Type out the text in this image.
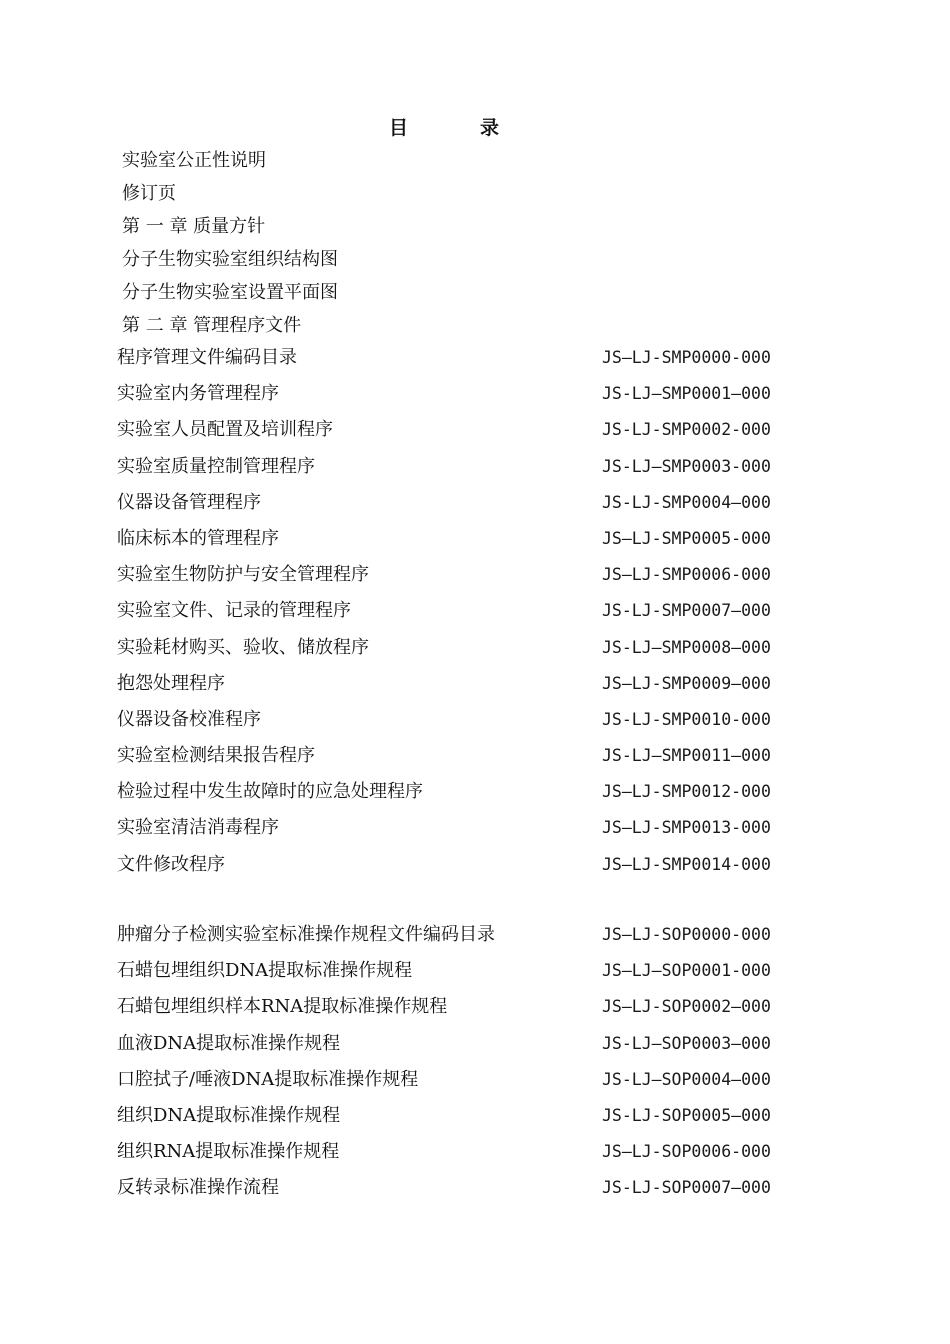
目录
实验室公正性说明
修订页
第 一 章 质量方针
分子生物实验室组织结构图
分子生物实验室设置平面图
第 二 章 管理程序文件
程序管理文件编码目录	JS—LJ-SMP0000-000
实验室内务管理程序	JS-LJ—SMP0001—000
实验室人员配置及培训程序	JS-LJ-SMP0002-000
实验室质量控制管理程序	JS-LJ—SMP0003-000
仪器设备管理程序	JS-LJ-SMP0004—000
临床标本的管理程序	JS—LJ-SMP0005-000
实验室生物防护与安全管理程序	JS—LJ-SMP0006-000
实验室文件、记录的管理程序	JS-LJ-SMP0007—000
实验耗材购买、验收、储放程序	JS-LJ—SMP0008—000
抱怨处理程序	JS—LJ-SMP0009—000
仪器设备校准程序	JS-LJ-SMP0010-000
实验室检测结果报告程序	JS-LJ—SMP0011—000
检验过程中发生故障时的应急处理程序	JS—LJ-SMP0012-000
实验室清洁消毒程序	JS—LJ-SMP0013-000
文件修改程序	JS—LJ-SMP0014-000
肿瘤分子检测实验室标准操作规程文件编码目录	JS—LJ-SOP0000-000
石蜡包埋组织DNA提取标准操作规程	JS—LJ—SOP0001-000
石蜡包埋组织样本RNA提取标准操作规程	JS—LJ-SOP0002—000
血液DNA提取标准操作规程	JS-LJ—SOP0003—000
口腔拭子/唾液DNA提取标准操作规程	JS-LJ—SOP0004—000
组织DNA提取标准操作规程	JS-LJ-SOP0005—000
组织RNA提取标准操作规程	JS—LJ-SOP0006-000
反转录标准操作流程	JS-LJ-SOP0007—000
